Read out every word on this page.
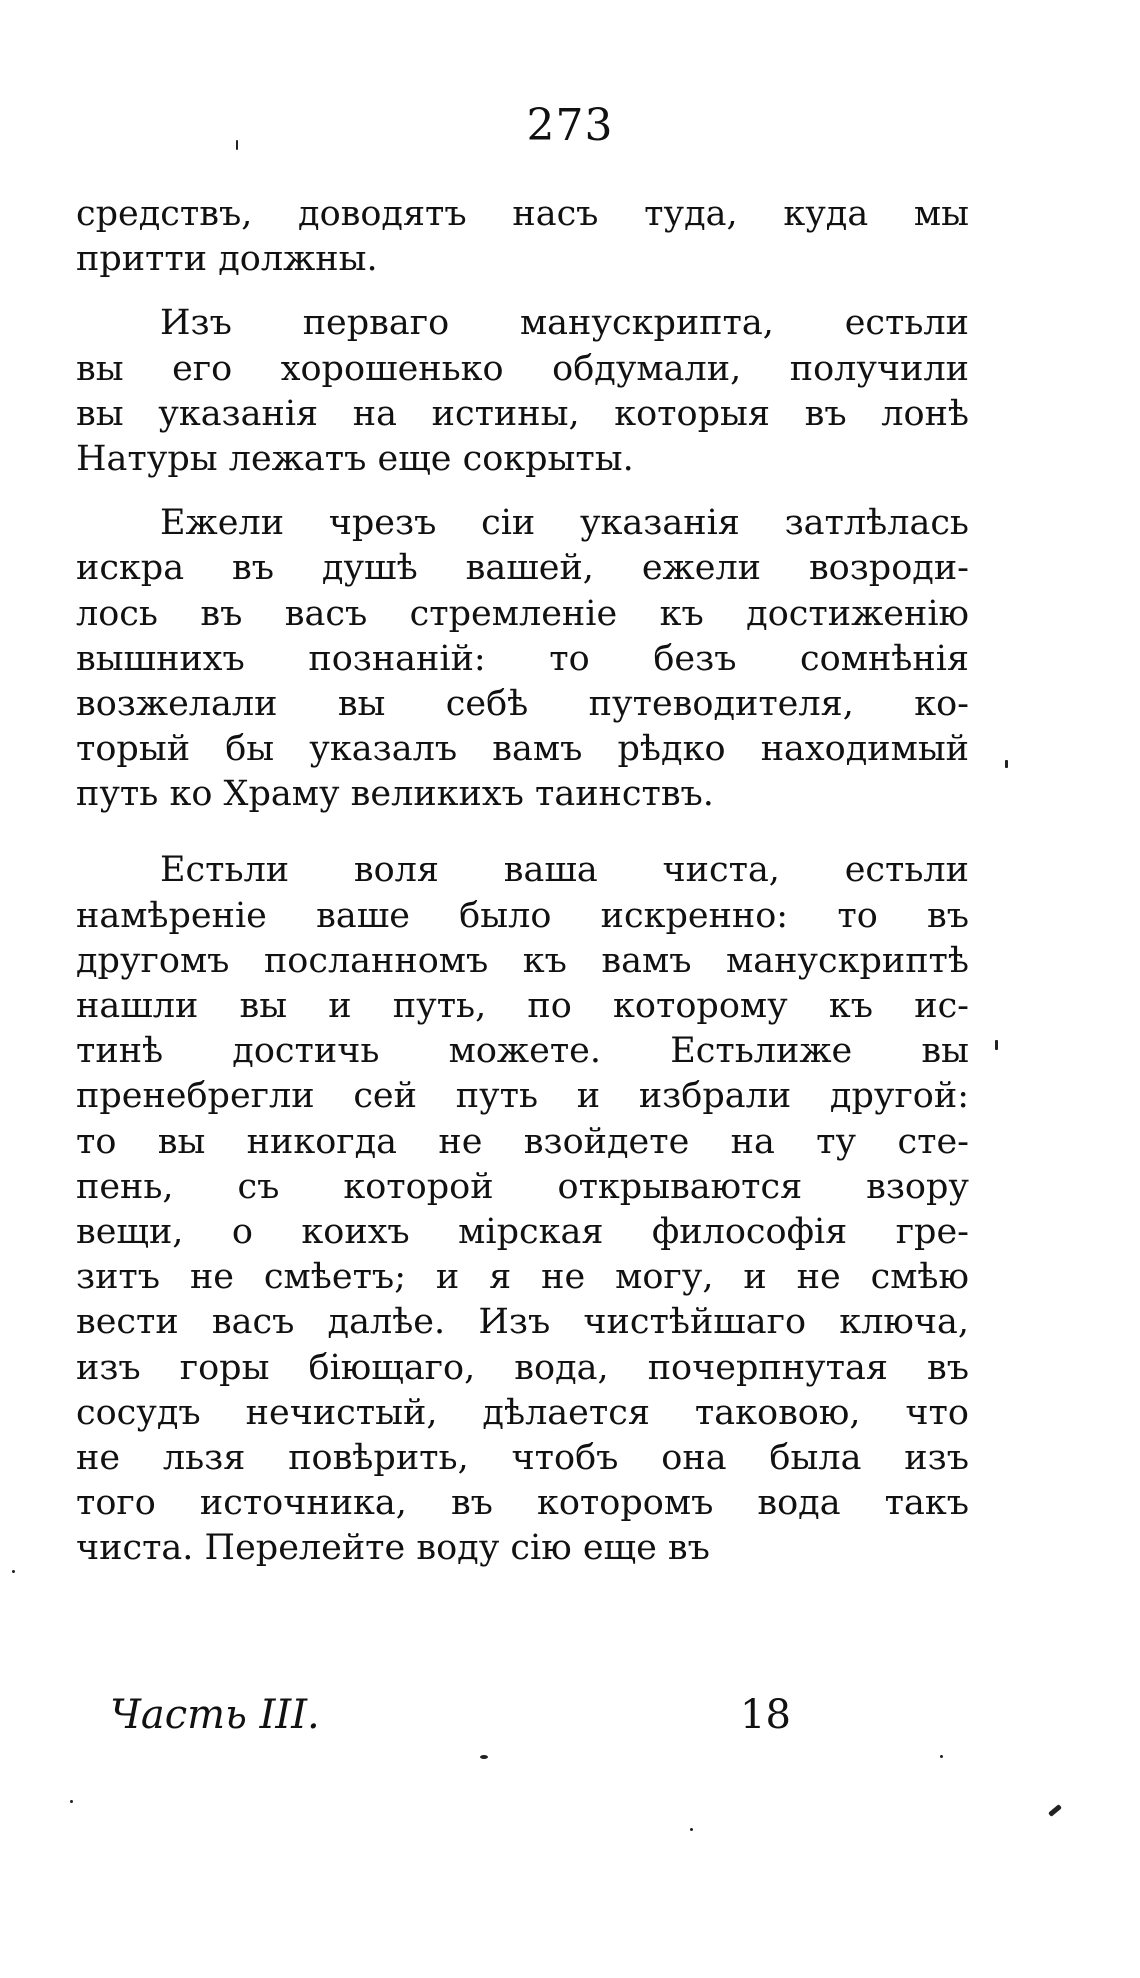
273
средствъ, доводятъ насъ туда, куда мы
притти должны.
Изъ перваго манускрипта, естьли
вы его хорошенько обдумали, получили
вы указанія на истины, которыя въ лонѣ
Натуры лежатъ еще сокрыты.
Ежели чрезъ сіи указанія затлѣлась
искра въ душѣ вашей, ежели возроди-
лось въ васъ стремленіе къ достиженію
вышнихъ познаній: то безъ сомнѣнія
возжелали вы себѣ путеводителя, ко-
торый бы указалъ вамъ рѣдко находимый
путь ко Храму великихъ таинствъ.
Естьли воля ваша чиста, естьли
намѣреніе ваше было искренно: то въ
другомъ посланномъ къ вамъ манускриптѣ
нашли вы и путь, по которому къ ис-
тинѣ достичь можете. Естьлиже вы
пренебрегли сей путь и избрали другой:
то вы никогда не взойдете на ту сте-
пень, съ которой открываются взору
вещи, о коихъ мірская философія гре-
зитъ не смѣетъ; и я не могу, и не смѣю
вести васъ далѣе. Изъ чистѣйшаго ключа,
изъ горы біющаго, вода, почерпнутая въ
сосудъ нечистый, дѣлается таковою, что
не льзя повѣрить, чтобъ она была изъ
того источника, въ которомъ вода такъ
чиста. Перелейте воду сію еще въ
Часть III.	18
